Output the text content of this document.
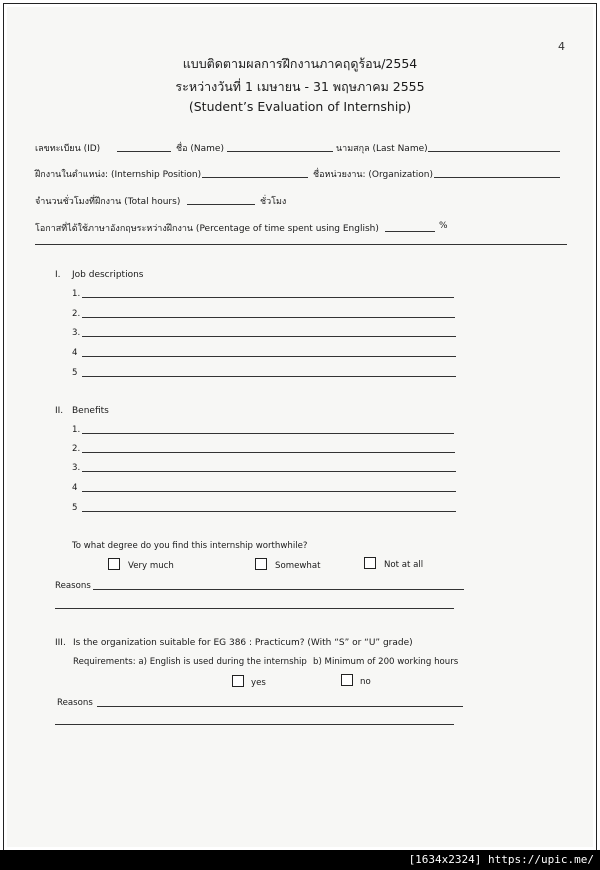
4
แบบติดตามผลการฝึกงานภาคฤดูร้อน/2554
ระหว่างวันที่ 1 เมษายน - 31 พฤษภาคม 2555
(Student’s Evaluation of Internship)
เลขทะเบียน (ID)	ชื่อ (Name)	นามสกุล (Last Name)
ฝึกงานในตำแหน่ง: (Internship Position)	ชื่อหน่วยงาน: (Organization)
จำนวนชั่วโมงที่ฝึกงาน (Total hours)	ชั่วโมง
โอกาสที่ได้ใช้ภาษาอังกฤษระหว่างฝึกงาน (Percentage of time spent using English)	%
I. Job descriptions
1.
2.
3.
4
5
II. Benefits
1.
2.
3.
4
5
To what degree do you find this internship worthwhile?
Very much	Somewhat	Not at all
Reasons
III. Is the organization suitable for EG 386 : Practicum? (With “S” or “U” grade)
Requirements: a) English is used during the internship b) Minimum of 200 working hours
yes	no
Reasons
[1634x2324] https://upic.me/
